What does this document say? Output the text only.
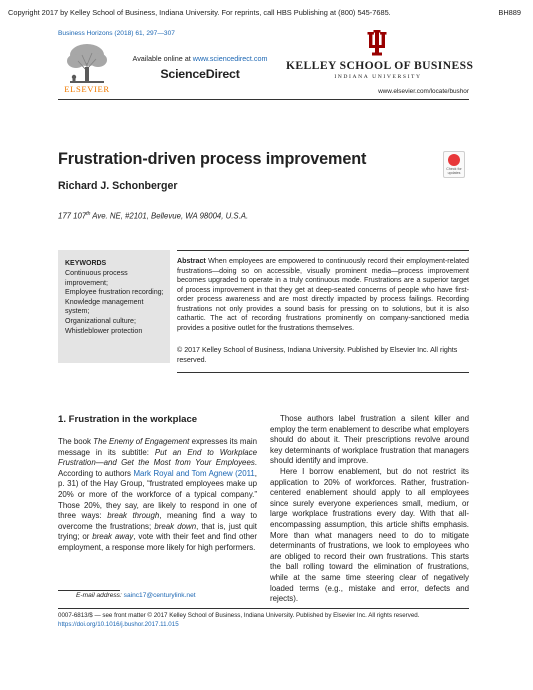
Copyright 2017 by Kelley School of Business, Indiana University. For reprints, call HBS Publishing at (800) 545-7685.	BH889
Business Horizons (2018) 61, 297—307
ELSEVIER
Available online at www.sciencedirect.com
ScienceDirect
KELLEY SCHOOL OF BUSINESS
INDIANA UNIVERSITY
www.elsevier.com/locate/bushor
Frustration-driven process improvement
Check for updates
Richard J. Schonberger
177 107th Ave. NE, #2101, Bellevue, WA 98004, U.S.A.
KEYWORDS
Continuous process improvement;
Employee frustration recording;
Knowledge management system;
Organizational culture;
Whistleblower protection
Abstract When employees are empowered to continuously record their employment-related frustrations—doing so on accessible, visually prominent media—process improvement becomes upgraded to operate in a truly continuous mode. Frustrations are a superior target of process improvement in that they get at deep-seated concerns of people who have first-order process awareness and are most directly impacted by process failings. Recording frustrations not only provides a sound basis for pressing on to solutions, but it is also cathartic. The act of recording frustrations prominently on company-sanctioned media provides a positive outlet for the frustrations themselves.
© 2017 Kelley School of Business, Indiana University. Published by Elsevier Inc. All rights reserved.
1. Frustration in the workplace
The book The Enemy of Engagement expresses its main message in its subtitle: Put an End to Workplace Frustration—and Get the Most from Your Employees. According to authors Mark Royal and Tom Agnew (2011, p. 31) of the Hay Group, “frustrated employees make up 20% or more of the workforce of a typical company.” Those 20%, they say, are likely to respond in one of three ways: break through, meaning find a way to overcome the frustrations; break down, that is, just quit trying; or break away, vote with their feet and find other employment, a response more likely for high performers.

Those authors label frustration a silent killer and employ the term enablement to describe what employers should do about it. Their prescriptions revolve around key determinants of workplace frustration that managers should identify and improve.

Here I borrow enablement, but do not restrict its application to 20% of workforces. Rather, frustration-centered enablement should apply to all employees since surely everyone experiences small, medium, or large workplace frustrations every day. With that all-encompassing assumption, this article shifts emphasis. More than what managers need to do to mitigate determinants of frustrations, we look to employees who are obliged to record their own frustrations. This starts the ball rolling toward the elimination of frustrations, while at the same time steering clear of negatively loaded terms (e.g., mistake and error, defects and rejects).

E-mail address: sainc17@centurylink.net
0007-6813/$ — see front matter © 2017 Kelley School of Business, Indiana University. Published by Elsevier Inc. All rights reserved.
https://doi.org/10.1016/j.bushor.2017.11.015
